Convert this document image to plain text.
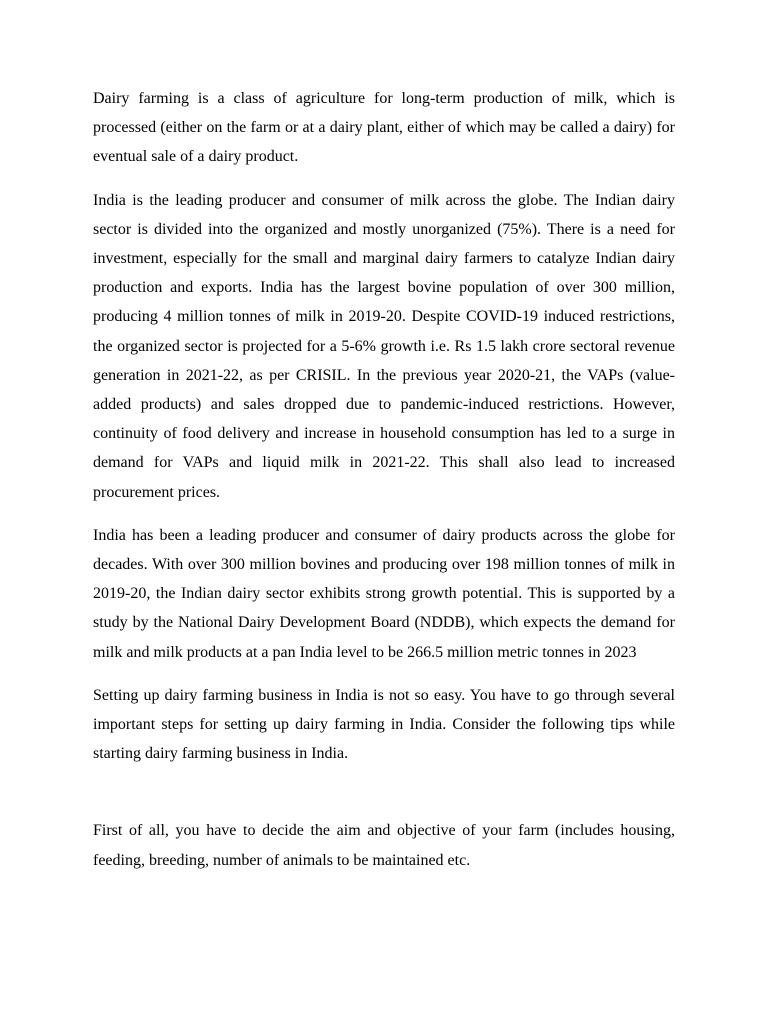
Dairy farming is a class of agriculture for long-term production of milk, which is processed (either on the farm or at a dairy plant, either of which may be called a dairy) for eventual sale of a dairy product.

India is the leading producer and consumer of milk across the globe. The Indian dairy sector is divided into the organized and mostly unorganized (75%). There is a need for investment, especially for the small and marginal dairy farmers to catalyze Indian dairy production and exports. India has the largest bovine population of over 300 million, producing 4 million tonnes of milk in 2019-20. Despite COVID-19 induced restrictions, the organized sector is projected for a 5-6% growth i.e. Rs 1.5 lakh crore sectoral revenue generation in 2021-22, as per CRISIL. In the previous year 2020-21, the VAPs (value-added products) and sales dropped due to pandemic-induced restrictions. However, continuity of food delivery and increase in household consumption has led to a surge in demand for VAPs and liquid milk in 2021-22. This shall also lead to increased procurement prices.

India has been a leading producer and consumer of dairy products across the globe for decades. With over 300 million bovines and producing over 198 million tonnes of milk in 2019-20, the Indian dairy sector exhibits strong growth potential. This is supported by a study by the National Dairy Development Board (NDDB), which expects the demand for milk and milk products at a pan India level to be 266.5 million metric tonnes in 2023

Setting up dairy farming business in India is not so easy. You have to go through several important steps for setting up dairy farming in India. Consider the following tips while starting dairy farming business in India.

First of all, you have to decide the aim and objective of your farm (includes housing, feeding, breeding, number of animals to be maintained etc.
